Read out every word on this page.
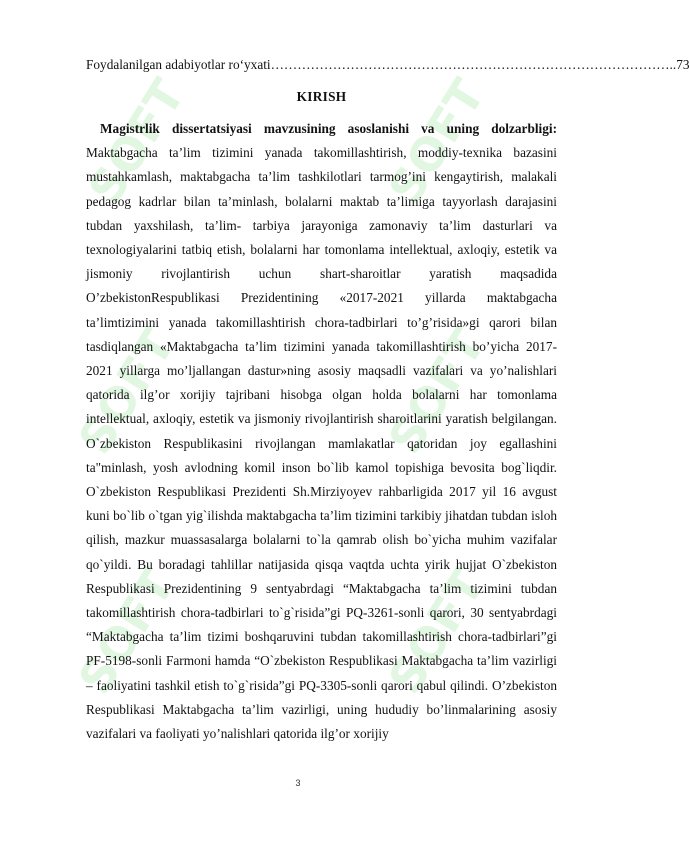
SOFT	SOFT
SOFT	SOFT
SOFT	SOFT
Foydalanilgan adabiyotlar ro‘yxati ……………………………………………………………………………….. 73
KIRISH

Magistrlik dissertatsiyasi mavzusining asoslanishi va uning dolzarbligi: Maktabgacha ta’lim tizimini yanada takomillashtirish, moddiy-texnika bazasini mustahkamlash, maktabgacha ta’lim tashkilotlari tarmog’ini kengaytirish, malakali pedagog kadrlar bilan ta’minlash, bolalarni maktab ta’limiga tayyorlash darajasini tubdan yaxshilash, ta’lim- tarbiya jarayoniga zamonaviy ta’lim dasturlari va texnologiyalarini tatbiq etish, bolalarni har tomonlama intellektual, axloqiy, estetik va jismoniy rivojlantirish uchun shart-sharoitlar yaratish maqsadida O’zbekistonRespublikasi Prezidentining «2017-2021 yillarda maktabgacha ta’limtizimini yanada takomillashtirish chora-tadbirlari to’g’risida»gi qarori bilan tasdiqlangan «Maktabgacha ta’lim tizimini yanada takomillashtirish bo’yicha 2017-2021 yillarga mo’ljallangan dastur»ning asosiy maqsadli vazifalari va yo’nalishlari qatorida ilg’or xorijiy tajribani hisobga olgan holda bolalarni har tomonlama intellektual, axloqiy, estetik va jismoniy rivojlantirish sharoitlarini yaratish belgilangan. O`zbekiston Respublikasini rivojlangan mamlakatlar qatoridan joy egallashini ta"minlash, yosh avlodning komil inson bo`lib kamol topishiga bevosita bog`liqdir. O`zbekiston Respublikasi Prezidenti Sh.Mirziyoyev rahbarligida 2017 yil 16 avgust kuni bo`lib o`tgan yig`ilishda maktabgacha ta’lim tizimini tarkibiy jihatdan tubdan isloh qilish, mazkur muassasalarga bolalarni to`la qamrab olish bo`yicha muhim vazifalar qo`yildi. Bu boradagi tahlillar natijasida qisqa vaqtda uchta yirik hujjat O`zbekiston Respublikasi Prezidentining 9 sentyabrdagi “Maktabgacha ta’lim tizimini tubdan takomillashtirish chora-tadbirlari to`g`risida”gi PQ-3261-sonli qarori, 30 sentyabrdagi “Maktabgacha ta’lim tizimi boshqaruvini tubdan takomillashtirish chora-tadbirlari”gi PF-5198-sonli Farmoni hamda “O`zbekiston Respublikasi Maktabgacha ta’lim vazirligi – faoliyatini tashkil etish to`g`risida”gi PQ-3305-sonli qarori qabul qilindi. O’zbekiston Respublikasi Maktabgacha ta’lim vazirligi, uning hududiy bo’linmalarining asosiy vazifalari va faoliyati yo’nalishlari qatorida ilg’or xorijiy

3
